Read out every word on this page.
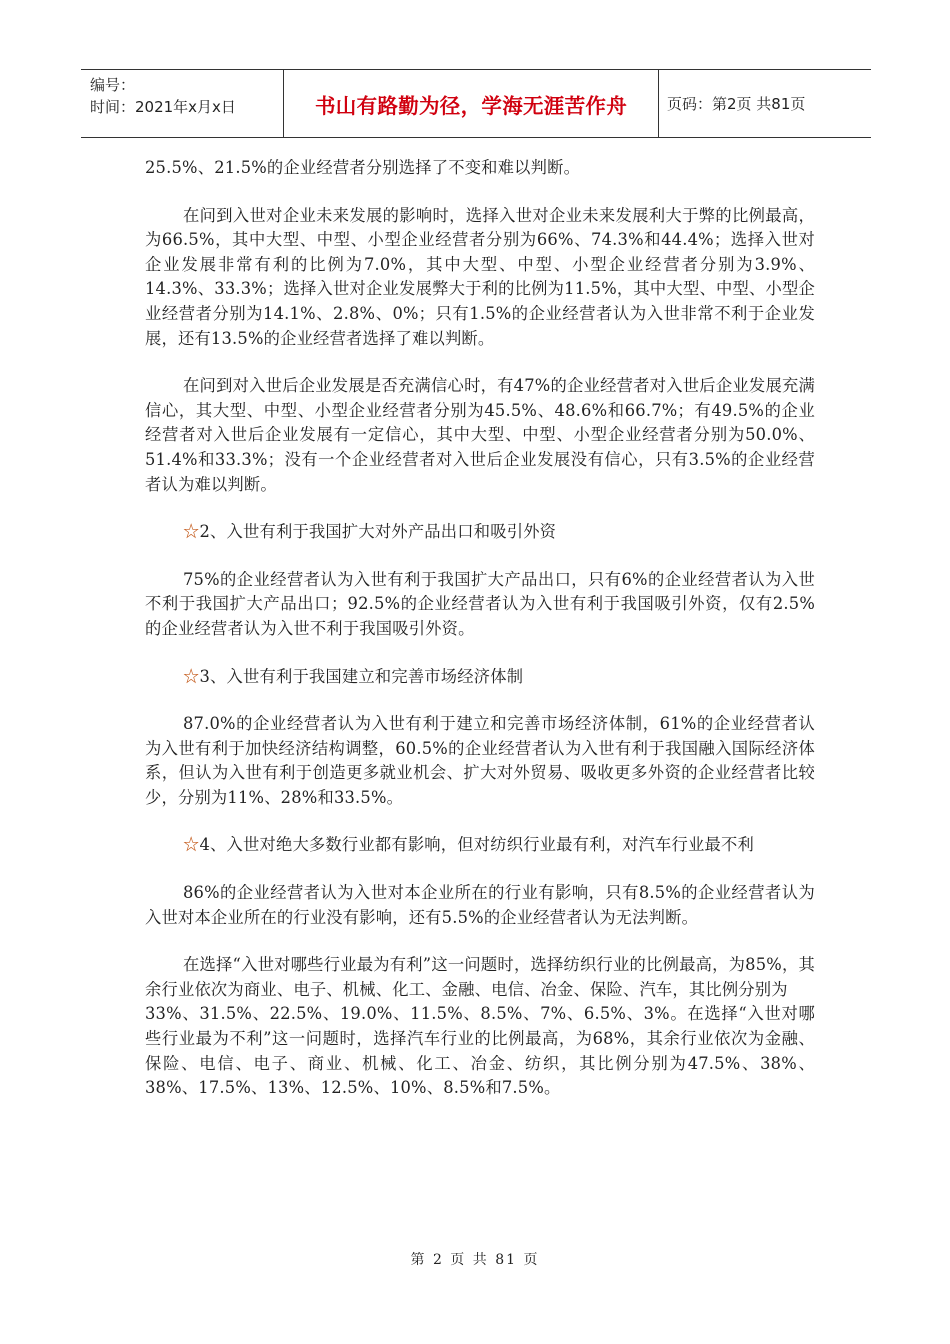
编号：
时间：2021年x月x日	书山有路勤为径，学海无涯苦作舟	页码：第2页 共81页

25.5%、21.5%的企业经营者分别选择了不变和难以判断。

在问到入世对企业未来发展的影响时，选择入世对企业未来发展利大于弊的比例最高，为66.5%，其中大型、中型、小型企业经营者分别为66%、74.3%和44.4%；选择入世对企业发展非常有利的比例为7.0%，其中大型、中型、小型企业经营者分别为3.9%、14.3%、33.3%；选择入世对企业发展弊大于利的比例为11.5%，其中大型、中型、小型企业经营者分别为14.1%、2.8%、0%；只有1.5%的企业经营者认为入世非常不利于企业发展，还有13.5%的企业经营者选择了难以判断。

在问到对入世后企业发展是否充满信心时，有47%的企业经营者对入世后企业发展充满信心，其大型、中型、小型企业经营者分别为45.5%、48.6%和66.7%；有49.5%的企业经营者对入世后企业发展有一定信心，其中大型、中型、小型企业经营者分别为50.0%、51.4%和33.3%；没有一个企业经营者对入世后企业发展没有信心，只有3.5%的企业经营者认为难以判断。

☆2、入世有利于我国扩大对外产品出口和吸引外资

75%的企业经营者认为入世有利于我国扩大产品出口，只有6%的企业经营者认为入世不利于我国扩大产品出口；92.5%的企业经营者认为入世有利于我国吸引外资，仅有2.5%的企业经营者认为入世不利于我国吸引外资。

☆3、入世有利于我国建立和完善市场经济体制

87.0%的企业经营者认为入世有利于建立和完善市场经济体制，61%的企业经营者认为入世有利于加快经济结构调整，60.5%的企业经营者认为入世有利于我国融入国际经济体系，但认为入世有利于创造更多就业机会、扩大对外贸易、吸收更多外资的企业经营者比较少，分别为11%、28%和33.5%。

☆4、入世对绝大多数行业都有影响，但对纺织行业最有利，对汽车行业最不利

86%的企业经营者认为入世对本企业所在的行业有影响，只有8.5%的企业经营者认为入世对本企业所在的行业没有影响，还有5.5%的企业经营者认为无法判断。

在选择“入世对哪些行业最为有利”这一问题时，选择纺织行业的比例最高，为85%，其余行业依次为商业、电子、机械、化工、金融、电信、冶金、保险、汽车，其比例分别为

33%、31.5%、22.5%、19.0%、11.5%、8.5%、7%、6.5%、3%。在选择“入世对哪些行业最为不利”这一问题时，选择汽车行业的比例最高，为68%，其余行业依次为金融、保险、电信、电子、商业、机械、化工、冶金、纺织，其比例分别为47.5%、38%、38%、17.5%、13%、12.5%、10%、8.5%和7.5%。

第 2 页 共 81 页
